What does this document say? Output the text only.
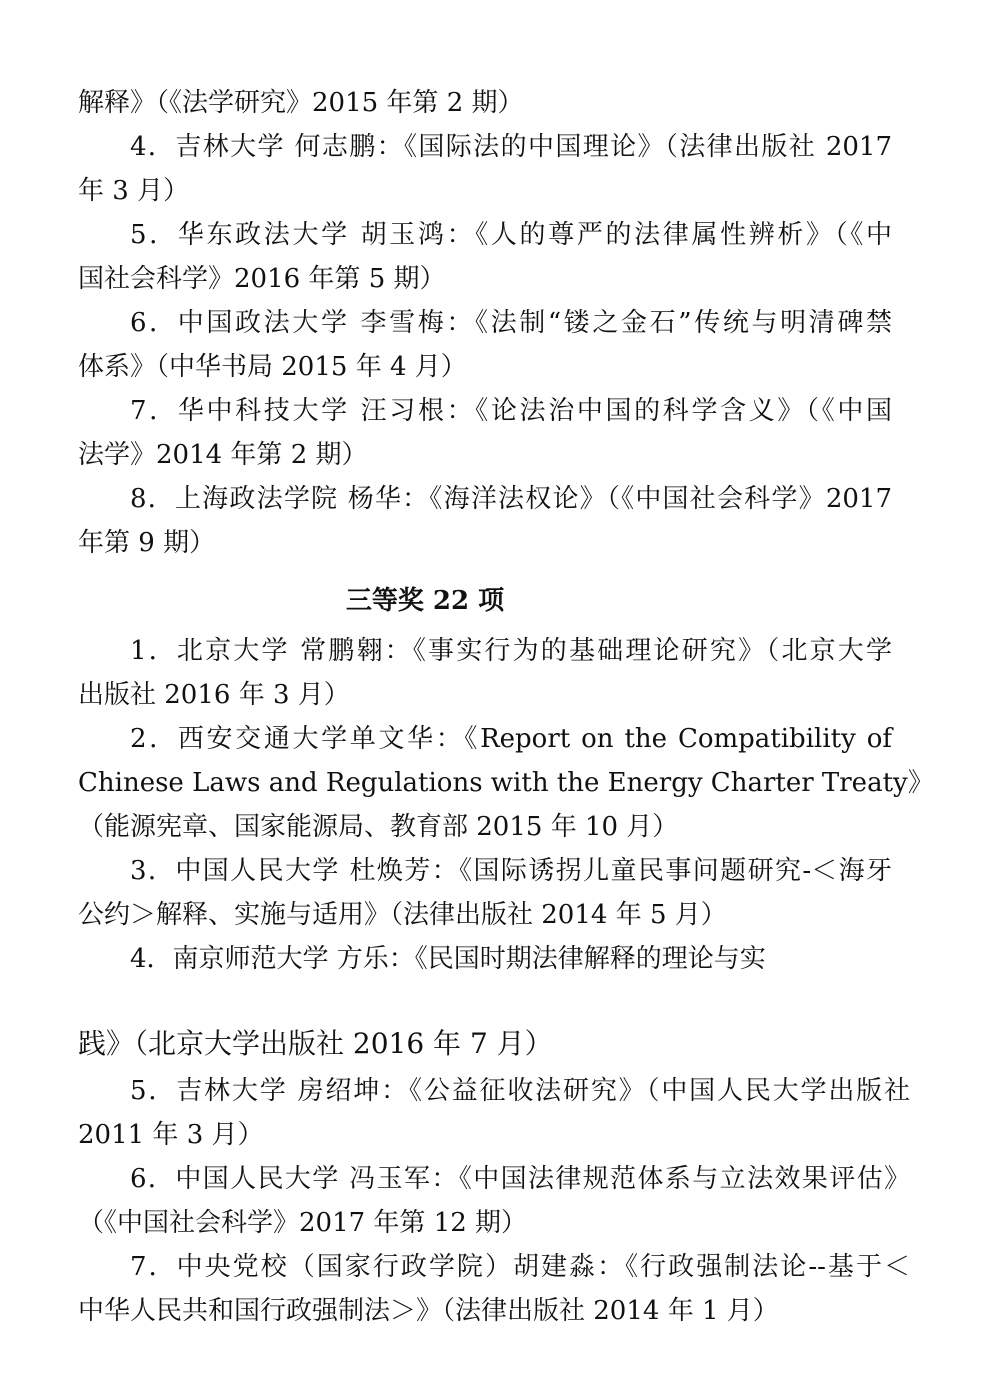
解释》（《法学研究》2015 年第 2 期）
4．吉林大学 何志鹏：《国际法的中国理论》（法律出版社 2017
年 3 月）
5．华东政法大学 胡玉鸿：《人的尊严的法律属性辨析》（《中
国社会科学》2016 年第 5 期）
6．中国政法大学 李雪梅：《法制“镂之金石”传统与明清碑禁
体系》（中华书局 2015 年 4 月）
7．华中科技大学 汪习根：《论法治中国的科学含义》（《中国
法学》2014 年第 2 期）
8．上海政法学院 杨华：《海洋法权论》（《中国社会科学》2017
年第 9 期）
三等奖 22 项
1．北京大学 常鹏翱：《事实行为的基础理论研究》（北京大学
出版社 2016 年 3 月）
2．西安交通大学单文华：《Report on the Compatibility of
Chinese Laws and Regulations with the Energy Charter Treaty》
（能源宪章、国家能源局、教育部 2015 年 10 月）
3．中国人民大学 杜焕芳：《国际诱拐儿童民事问题研究-＜海牙
公约＞解释、实施与适用》（法律出版社 2014 年 5 月）
4．南京师范大学 方乐：《民国时期法律解释的理论与实
践》（北京大学出版社 2016 年 7 月）
5．吉林大学 房绍坤：《公益征收法研究》（中国人民大学出版社
2011 年 3 月）
6．中国人民大学 冯玉军：《中国法律规范体系与立法效果评估》
（《中国社会科学》2017 年第 12 期）
7．中央党校（国家行政学院）胡建淼：《行政强制法论--基于＜
中华人民共和国行政强制法＞》（法律出版社 2014 年 1 月）
